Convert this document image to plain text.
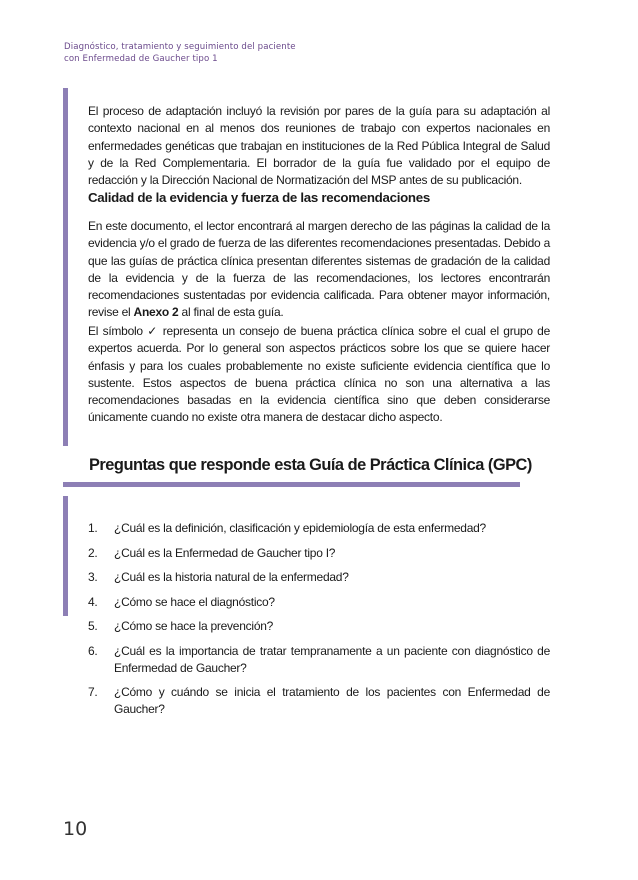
Diagnóstico, tratamiento y seguimiento del paciente
con Enfermedad de Gaucher tipo 1

El proceso de adaptación incluyó la revisión por pares de la guía para su adaptación al contexto nacional en al menos dos reuniones de trabajo con expertos nacionales en enfermedades genéticas que trabajan en instituciones de la Red Pública Integral de Salud y de la Red Complementaria. El borrador de la guía fue validado por el equipo de redacción y la Dirección Nacional de Normatización del MSP antes de su publicación.

Calidad de la evidencia y fuerza de las recomendaciones

En este documento, el lector encontrará al margen derecho de las páginas la calidad de la evidencia y/o el grado de fuerza de las diferentes recomendaciones presentadas. Debido a que las guías de práctica clínica presentan diferentes sistemas de gradación de la calidad de la evidencia y de la fuerza de las recomendaciones, los lectores encontrarán recomendaciones sustentadas por evidencia calificada. Para obtener mayor información, revise el Anexo 2 al final de esta guía.

El símbolo ✓ representa un consejo de buena práctica clínica sobre el cual el grupo de expertos acuerda. Por lo general son aspectos prácticos sobre los que se quiere hacer énfasis y para los cuales probablemente no existe suficiente evidencia científica que lo sustente. Estos aspectos de buena práctica clínica no son una alternativa a las recomendaciones basadas en la evidencia científica sino que deben considerarse únicamente cuando no existe otra manera de destacar dicho aspecto.

Preguntas que responde esta Guía de Práctica Clínica (GPC)
1. ¿Cuál es la definición, clasificación y epidemiología de esta enfermedad?
2. ¿Cuál es la Enfermedad de Gaucher tipo I?
3. ¿Cuál es la historia natural de la enfermedad?
4. ¿Cómo se hace el diagnóstico?
5. ¿Cómo se hace la prevención?
6. ¿Cuál es la importancia de tratar tempranamente a un paciente con diagnóstico de Enfermedad de Gaucher?
7. ¿Cómo y cuándo se inicia el tratamiento de los pacientes con Enfermedad de Gaucher?
10
